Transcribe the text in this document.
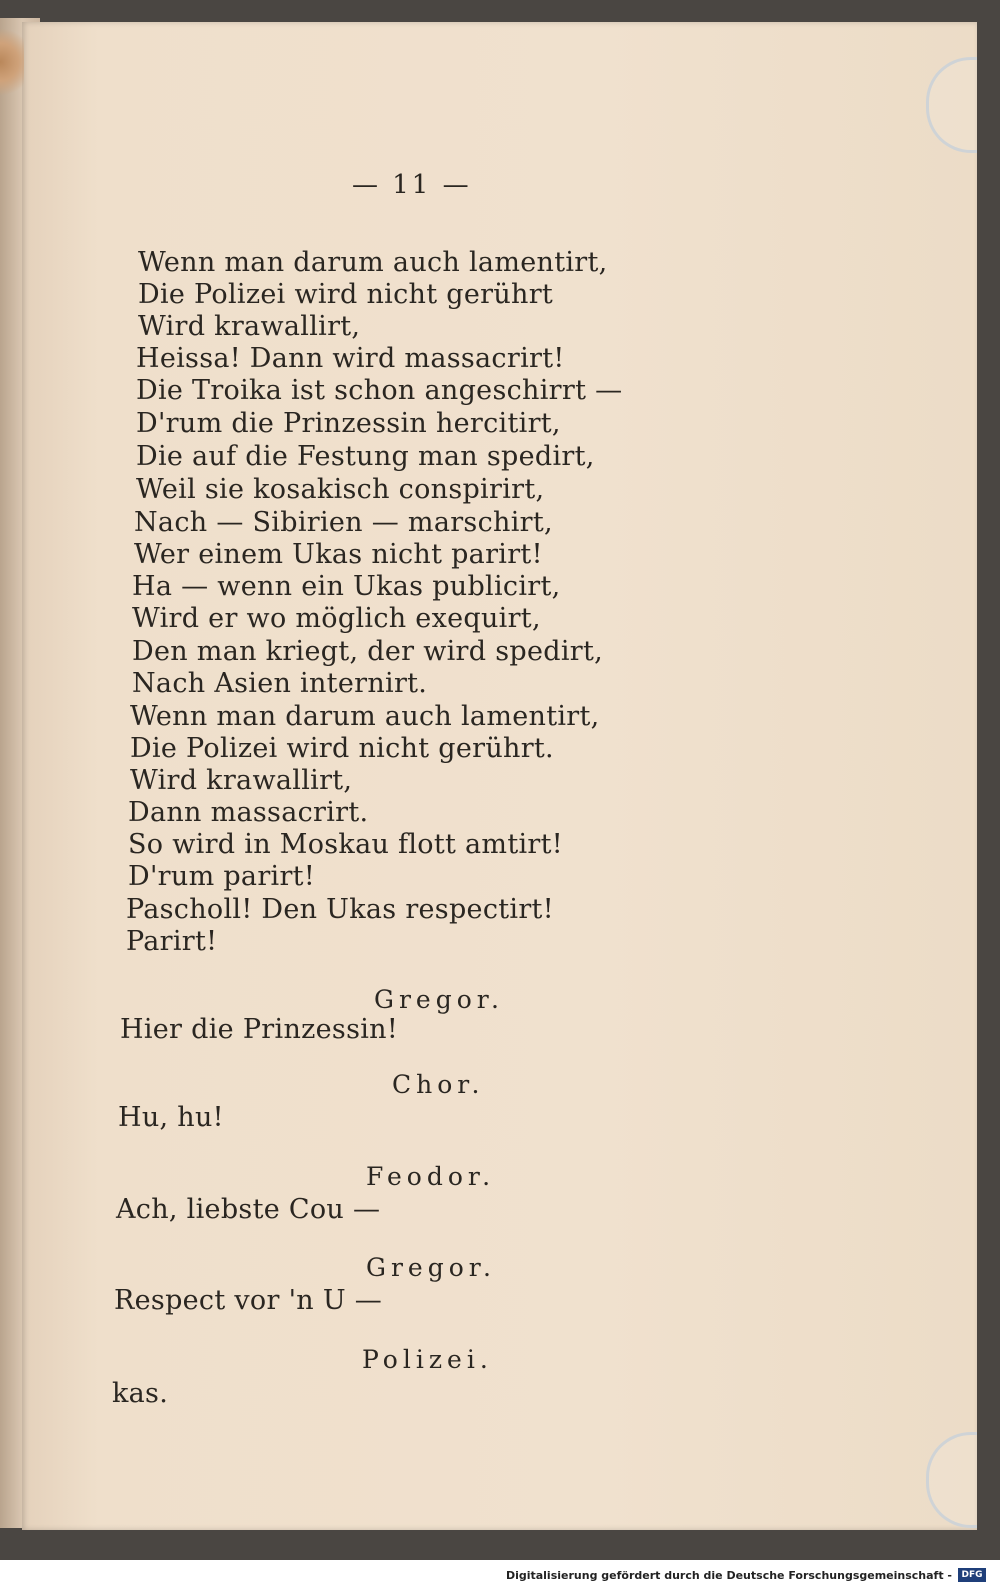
— 11 —

Wenn man darum auch lamentirt,

Die Polizei wird nicht gerührt

Wird krawallirt,

Heissa! Dann wird massacrirt!

Die Troika ist schon angeschirrt —

D'rum die Prinzessin hercitirt,

Die auf die Festung man spedirt,

Weil sie kosakisch conspirirt,

Nach — Sibirien — marschirt,

Wer einem Ukas nicht parirt!

Ha — wenn ein Ukas publicirt,

Wird er wo möglich exequirt,

Den man kriegt, der wird spedirt,

Nach Asien internirt.

Wenn man darum auch lamentirt,

Die Polizei wird nicht gerührt.

Wird krawallirt,

Dann massacrirt.

So wird in Moskau flott amtirt!

D'rum parirt!

Pascholl! Den Ukas respectirt!

Parirt!

Gregor.

Hier die Prinzessin!

Chor.

Hu, hu!

Feodor.

Ach, liebste Cou —

Gregor.

Respect vor 'n U —

Polizei.

kas.

Digitalisierung gefördert durch die Deutsche Forschungsgemeinschaft -	DFG
